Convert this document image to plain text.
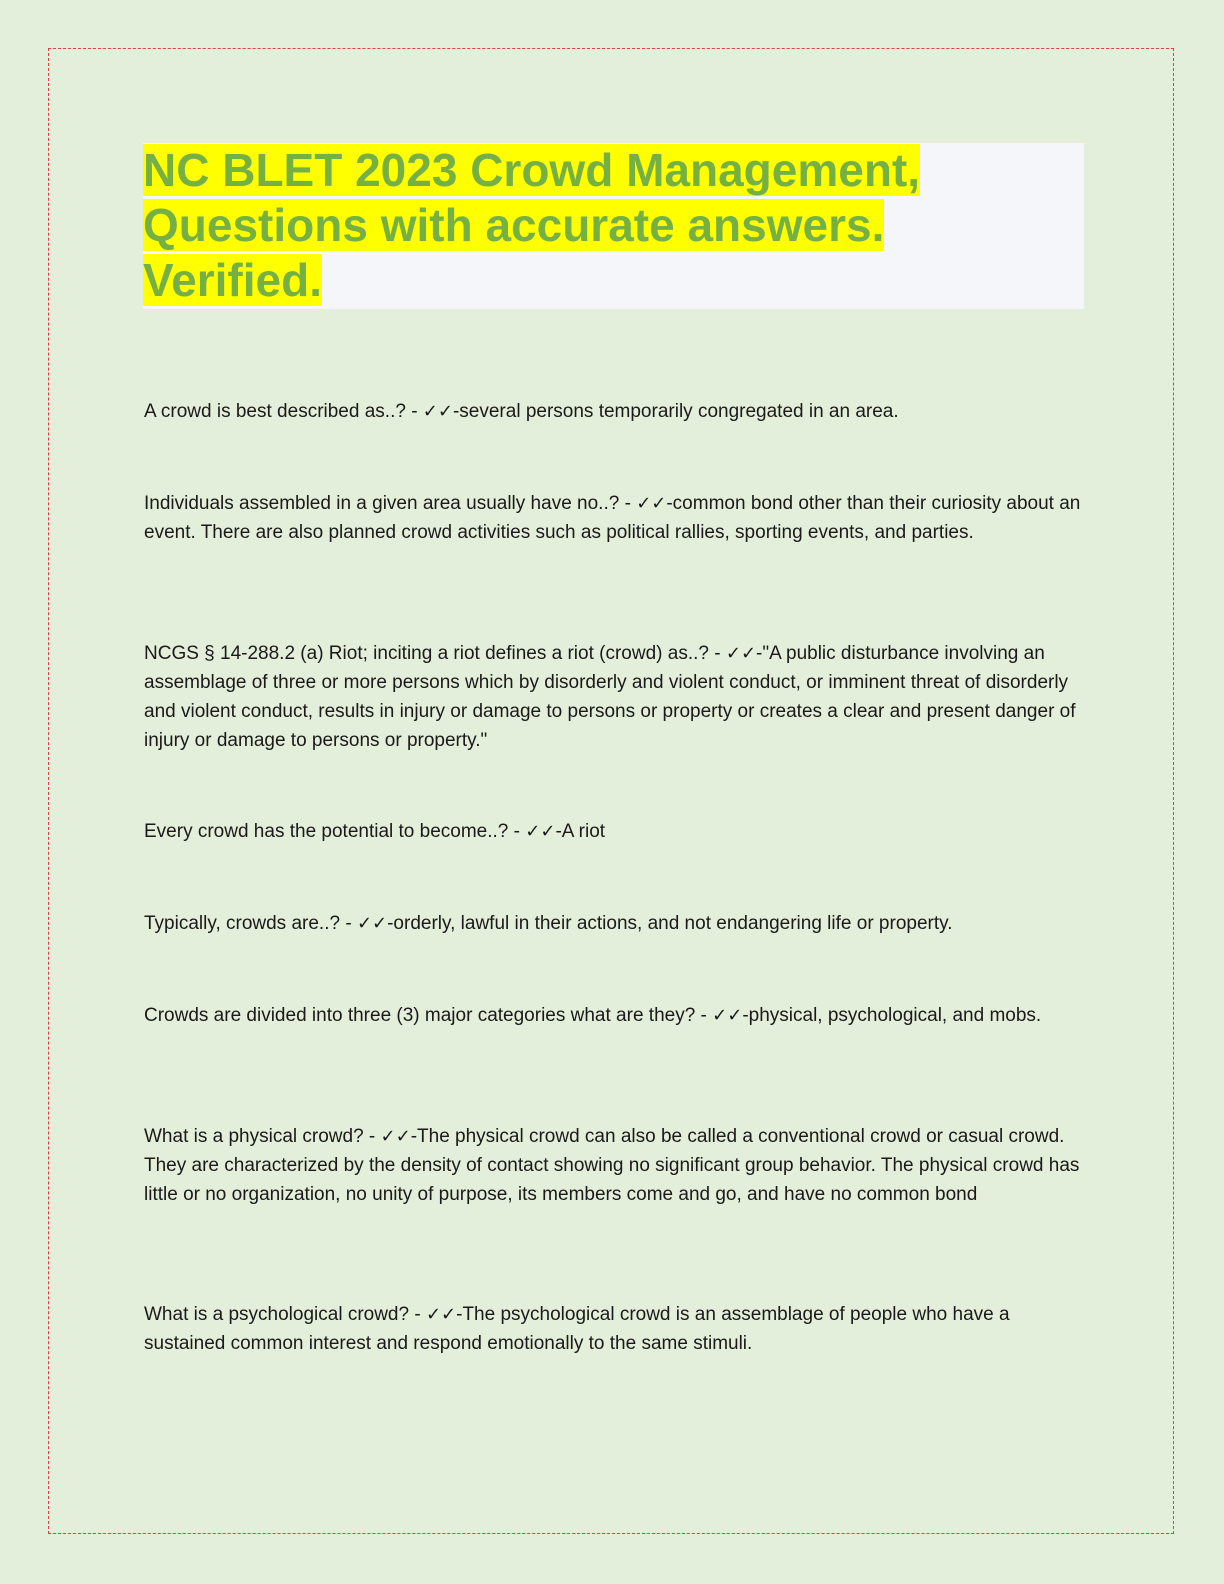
NC BLET 2023 Crowd Management,
Questions with accurate answers.
Verified.

A crowd is best described as..? - ✓✓-several persons temporarily congregated in an area.

Individuals assembled in a given area usually have no..? - ✓✓-common bond other than their curiosity about an event. There are also planned crowd activities such as political rallies, sporting events, and parties.

NCGS § 14-288.2 (a) Riot; inciting a riot defines a riot (crowd) as..? - ✓✓-"A public disturbance involving an assemblage of three or more persons which by disorderly and violent conduct, or imminent threat of disorderly and violent conduct, results in injury or damage to persons or property or creates a clear and present danger of injury or damage to persons or property."

Every crowd has the potential to become..? - ✓✓-A riot

Typically, crowds are..? - ✓✓-orderly, lawful in their actions, and not endangering life or property.

Crowds are divided into three (3) major categories what are they? - ✓✓-physical, psychological, and mobs.

What is a physical crowd? - ✓✓-The physical crowd can also be called a conventional crowd or casual crowd. They are characterized by the density of contact showing no significant group behavior. The physical crowd has little or no organization, no unity of purpose, its members come and go, and have no common bond

What is a psychological crowd? - ✓✓-The psychological crowd is an assemblage of people who have a sustained common interest and respond emotionally to the same stimuli.
